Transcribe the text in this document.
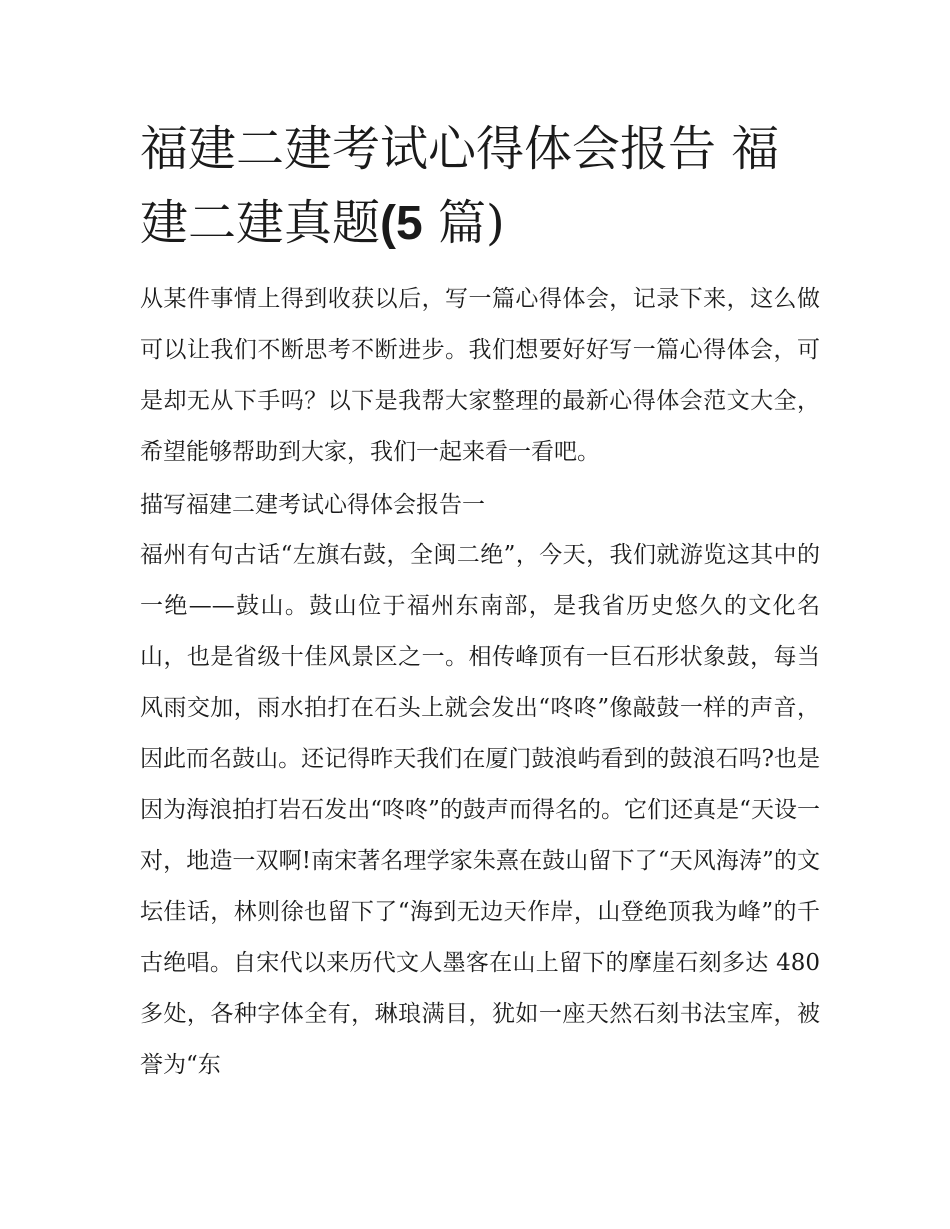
福建二建考试心得体会报告 福建二建真题(5 篇)

从某件事情上得到收获以后，写一篇心得体会，记录下来，这么做可以让我们不断思考不断进步。我们想要好好写一篇心得体会，可是却无从下手吗？以下是我帮大家整理的最新心得体会范文大全，希望能够帮助到大家，我们一起来看一看吧。

描写福建二建考试心得体会报告一

福州有句古话“左旗右鼓，全闽二绝”，今天，我们就游览这其中的一绝——鼓山。鼓山位于福州东南部，是我省历史悠久的文化名山，也是省级十佳风景区之一。相传峰顶有一巨石形状象鼓，每当风雨交加，雨水拍打在石头上就会发出“咚咚”像敲鼓一样的声音，因此而名鼓山。还记得昨天我们在厦门鼓浪屿看到的鼓浪石吗?也是因为海浪拍打岩石发出“咚咚”的鼓声而得名的。它们还真是“天设一对，地造一双啊!南宋著名理学家朱熹在鼓山留下了“天风海涛”的文坛佳话，林则徐也留下了“海到无边天作岸，山登绝顶我为峰”的千古绝唱。自宋代以来历代文人墨客在山上留下的摩崖石刻多达 480 多处，各种字体全有，琳琅满目，犹如一座天然石刻书法宝库，被誉为“东
